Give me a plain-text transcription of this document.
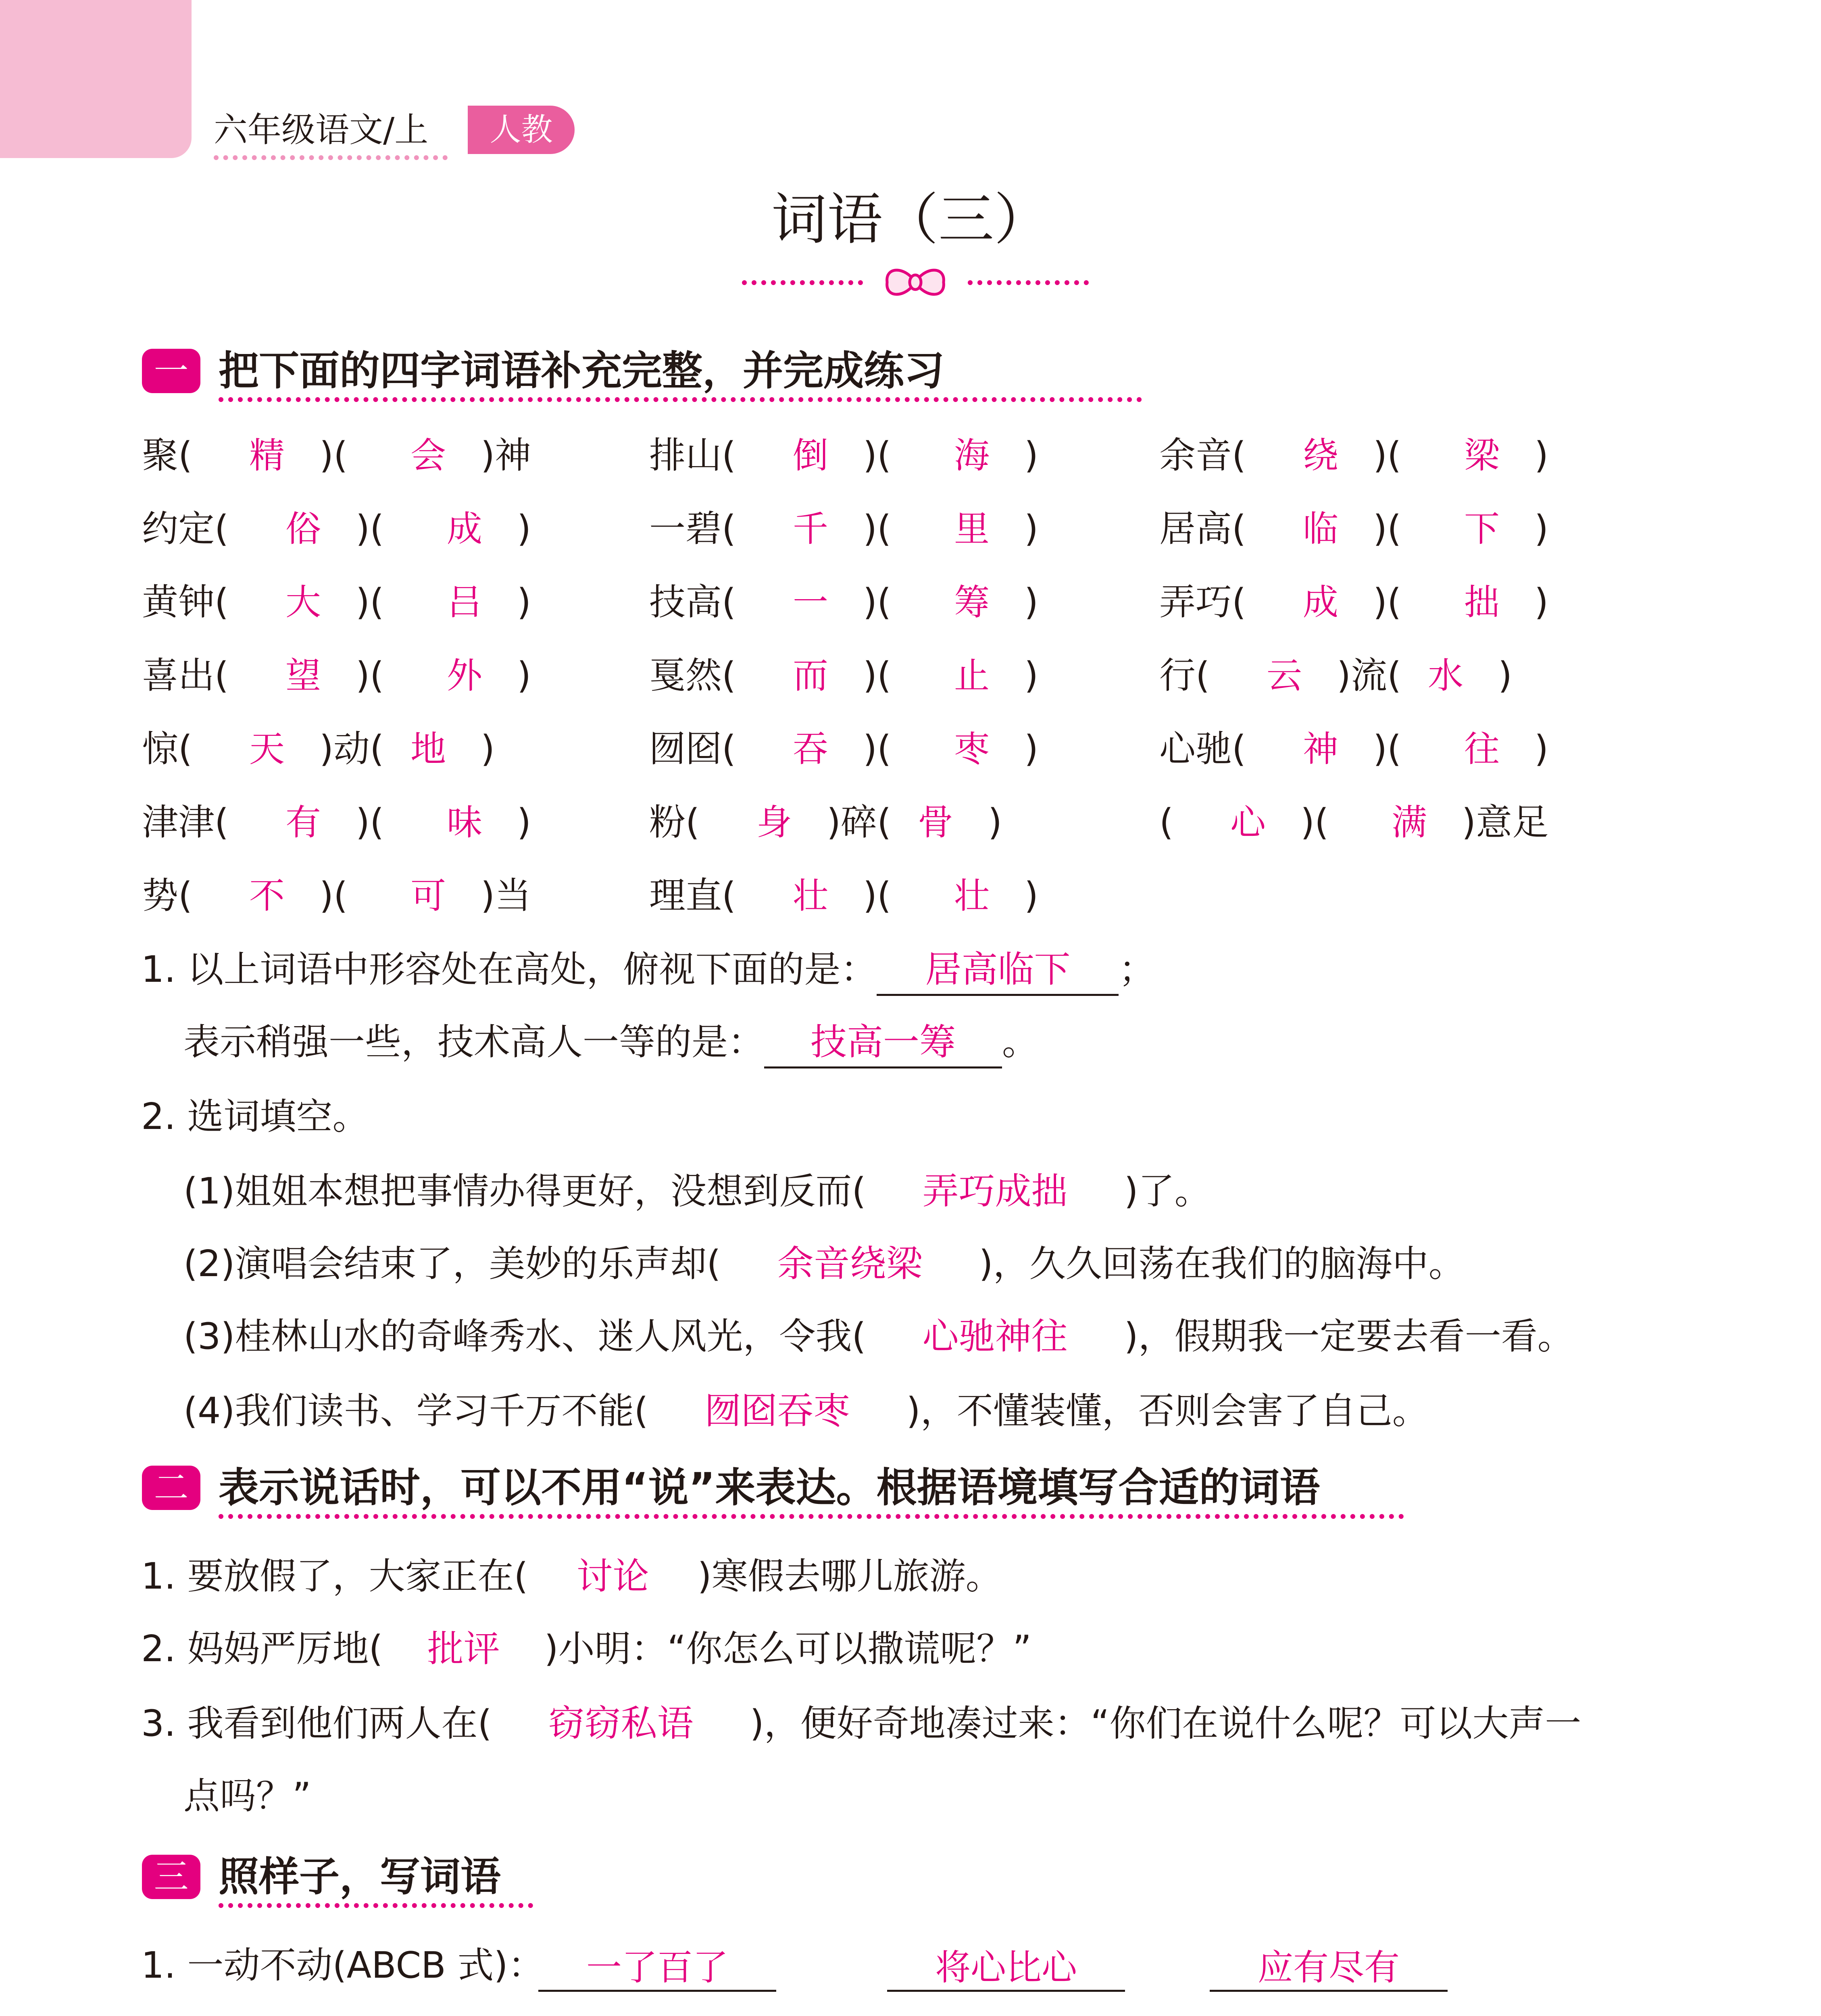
六年级语文/上	人教
词语（三）
一 把下面的四字词语补充完整，并完成练习
聚(	精 )(	会 )神	排山(	倒 )(	海 )	余音(	绕 )(	梁 )
约定(	俗 )(	成 )	一碧(	千 )(	里 )	居高(	临 )(	下 )
黄钟(	大 )(	吕 )	技高(	一 )(	筹 )	弄巧(	成 )(	拙 )
喜出(	望 )(	外 )	戛然(	而 )(	止 )	行(	云 )流( 水 )
惊(	天 )动( 地 )	囫囵(	吞 )(	枣 )	心驰(	神 )(	往 )
津津(	有 )(	味 )	粉(	身 )碎( 骨 )	(	心 )(	满 )意足
势(	不 )(	可 )当	理直(	壮 )(	壮 )
1. 以上词语中形容处在高处，俯视下面的是： 居高临下 ；
表示稍强一些，技术高人一等的是： 技高一筹 。
2. 选词填空。
(1)姐姐本想把事情办得更好，没想到反而( 弄巧成拙 )了。
(2)演唱会结束了，美妙的乐声却( 余音绕梁 )，久久回荡在我们的脑海中。
(3)桂林山水的奇峰秀水、迷人风光，令我( 心驰神往 )，假期我一定要去看一看。
(4)我们读书、学习千万不能( 囫囵吞枣 )，不懂装懂，否则会害了自己。
二 表示说话时，可以不用“说”来表达。根据语境填写合适的词语
1. 要放假了，大家正在( 讨论 )寒假去哪儿旅游。
2. 妈妈严厉地( 批评 )小明：“你怎么可以撒谎呢？”
3. 我看到他们两人在( 窃窃私语 )，便好奇地凑过来：“你们在说什么呢？可以大声一
点吗？”
三 照样子，写词语
1. 一动不动(ABCB 式)：	一了百了	将心比心	应有尽有
